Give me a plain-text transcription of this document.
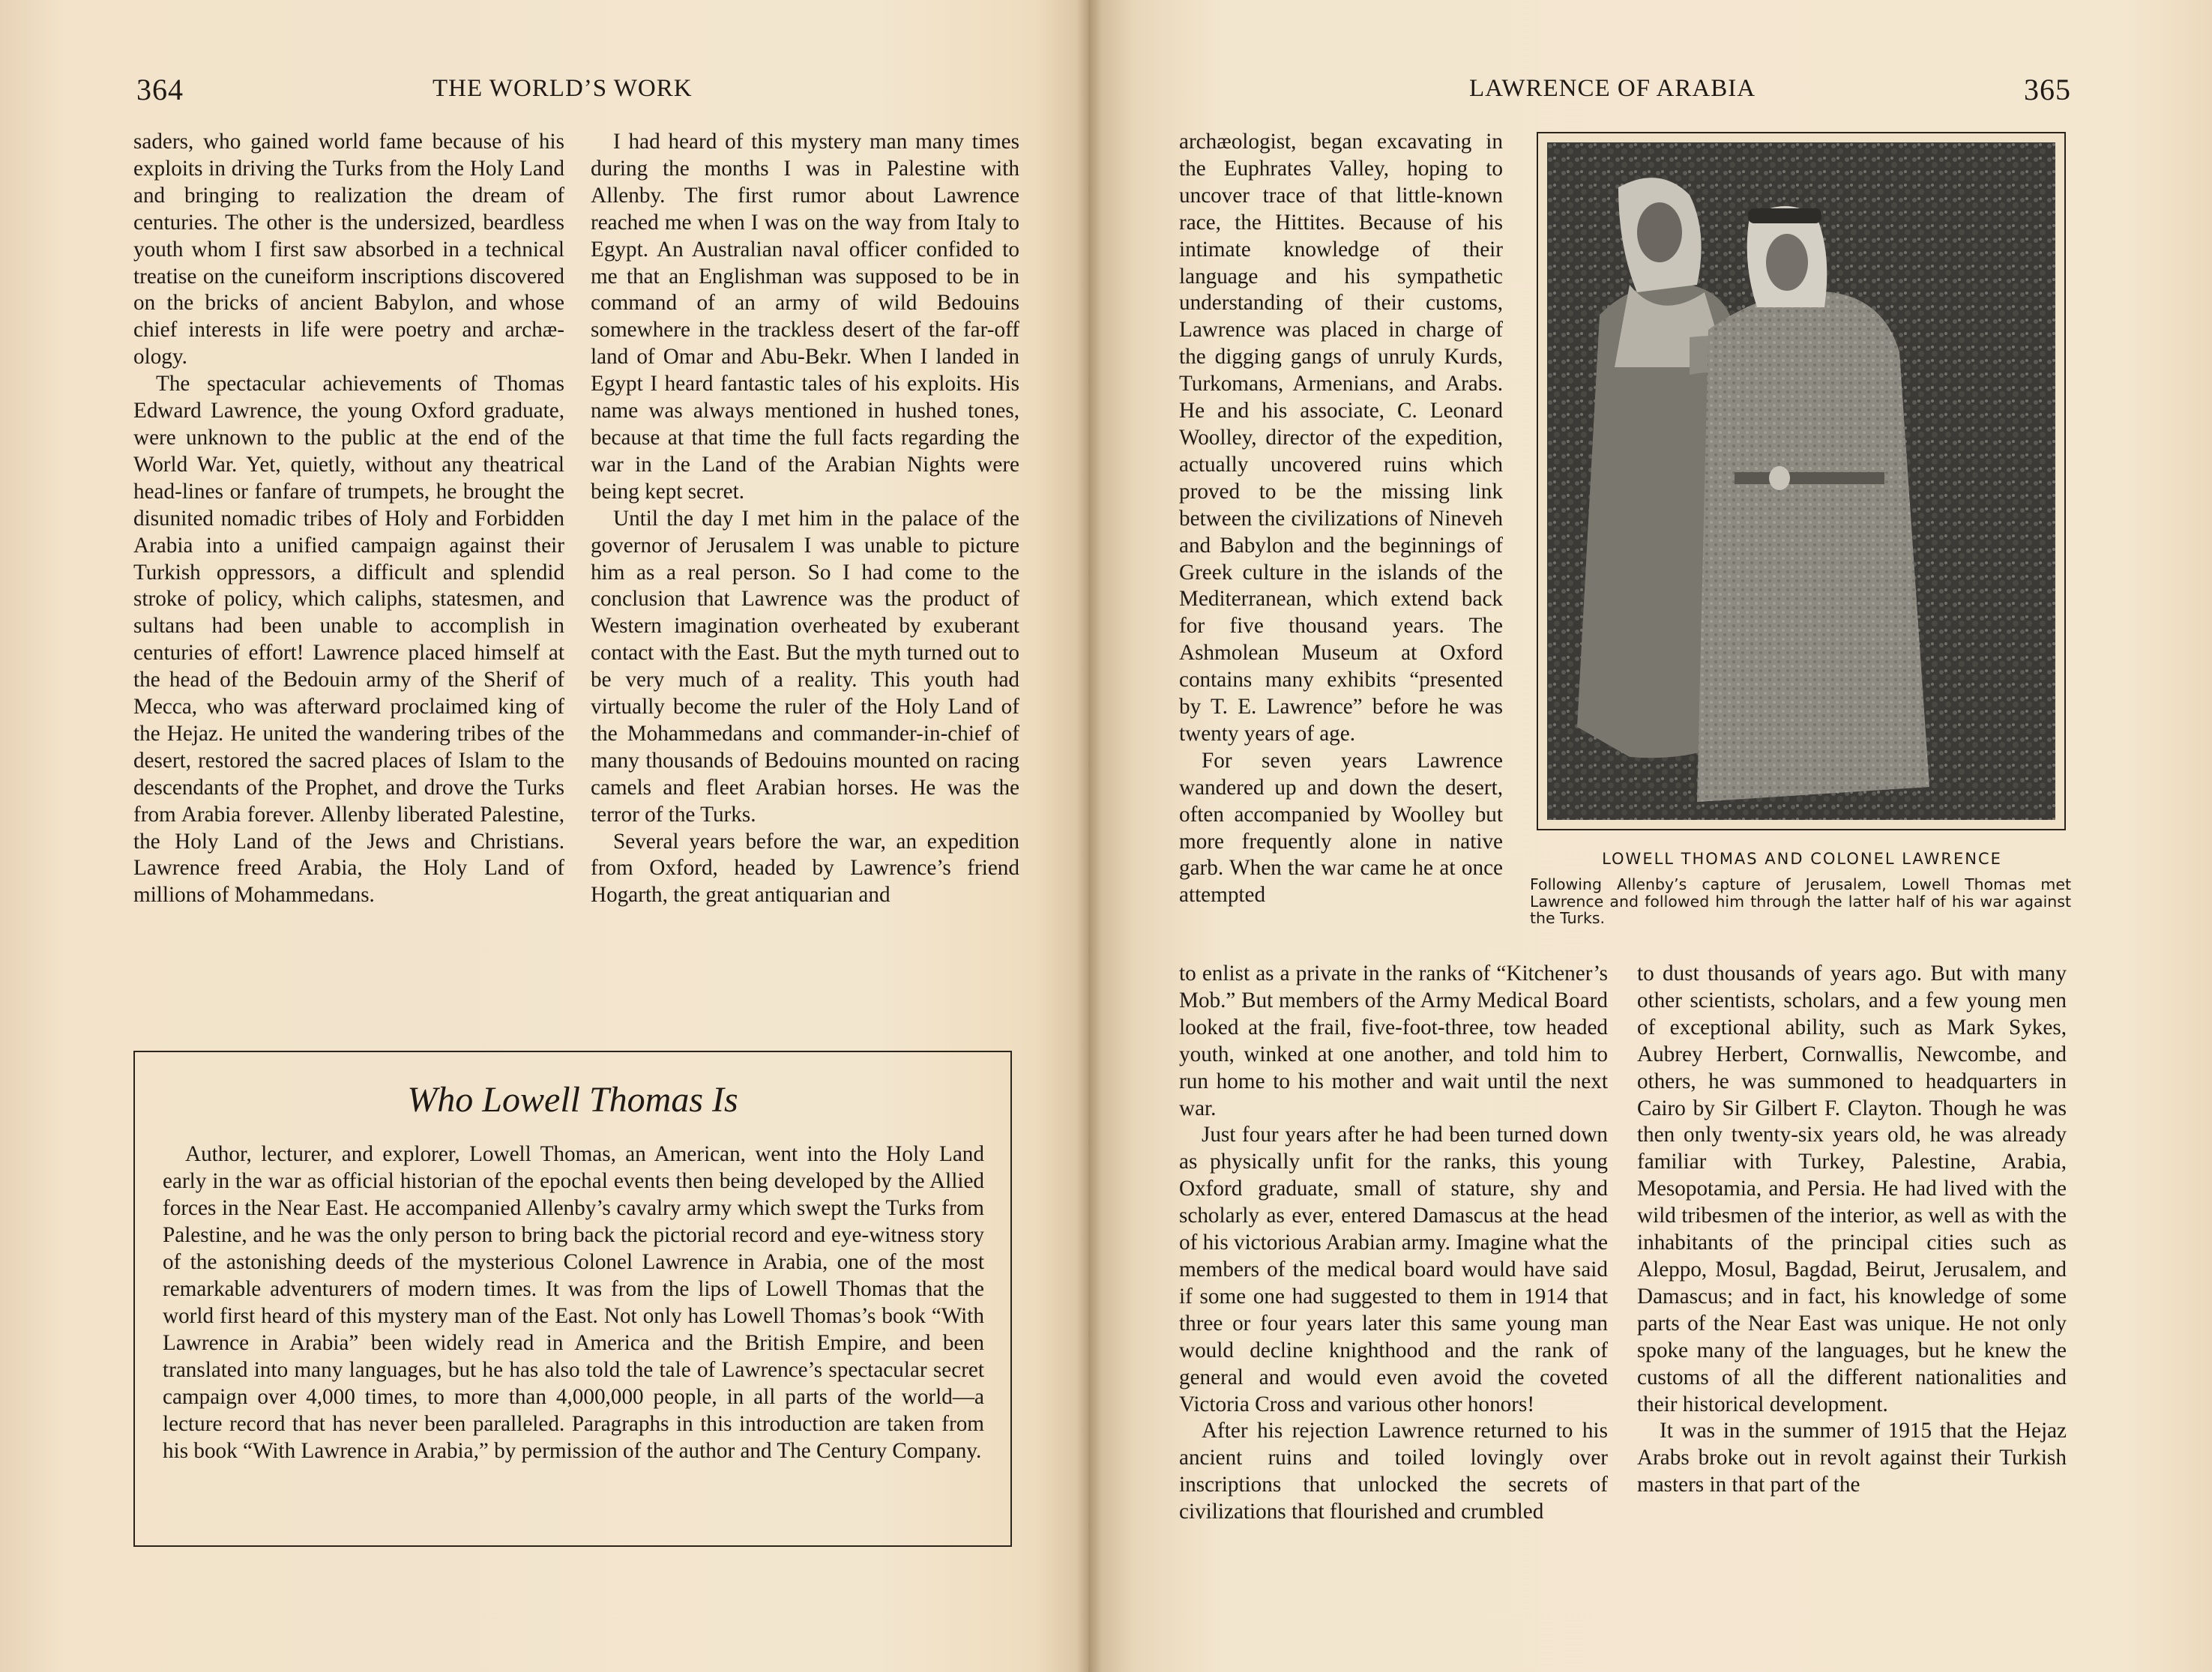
364	THE WORLD’S WORK	LAWRENCE OF ARABIA	365

saders, who gained world fame because of his exploits in driving the Turks from the Holy Land and bringing to realization the dream of centuries. The other is the undersized, beardless youth whom I first saw absorbed in a technical treatise on the cuneiform inscriptions discovered on the bricks of ancient Babylon, and whose chief interests in life were poetry and archæ-ology.

The spectacular achievements of Thomas Edward Lawrence, the young Oxford graduate, were unknown to the public at the end of the World War. Yet, quietly, without any theatrical head-lines or fanfare of trumpets, he brought the disunited nomadic tribes of Holy and Forbidden Arabia into a unified campaign against their Turkish oppressors, a difficult and splendid stroke of policy, which caliphs, statesmen, and sultans had been unable to accomplish in centuries of effort! Lawrence placed himself at the head of the Bedouin army of the Sherif of Mecca, who was afterward proclaimed king of the Hejaz. He united the wandering tribes of the desert, restored the sacred places of Islam to the descendants of the Prophet, and drove the Turks from Arabia forever. Allenby liberated Palestine, the Holy Land of the Jews and Christians. Lawrence freed Arabia, the Holy Land of millions of Mohammedans.

I had heard of this mystery man many times during the months I was in Palestine with Allenby. The first rumor about Lawrence reached me when I was on the way from Italy to Egypt. An Australian naval officer confided to me that an Englishman was supposed to be in command of an army of wild Bedouins somewhere in the trackless desert of the far-off land of Omar and Abu-Bekr. When I landed in Egypt I heard fantastic tales of his exploits. His name was always mentioned in hushed tones, because at that time the full facts regarding the war in the Land of the Arabian Nights were being kept secret.

Until the day I met him in the palace of the governor of Jerusalem I was unable to picture him as a real person. So I had come to the conclusion that Lawrence was the product of Western imagination overheated by exuberant contact with the East. But the myth turned out to be very much of a reality. This youth had virtually become the ruler of the Holy Land of the Mohammedans and commander-in-chief of many thousands of Bedouins mounted on racing camels and fleet Arabian horses. He was the terror of the Turks.

Several years before the war, an expedition from Oxford, headed by Lawrence’s friend Hogarth, the great antiquarian and

Who Lowell Thomas Is
Author, lecturer, and explorer, Lowell Thomas, an American, went into the Holy Land early in the war as official historian of the epochal events then being developed by the Allied forces in the Near East. He accompanied Allenby’s cavalry army which swept the Turks from Palestine, and he was the only person to bring back the pictorial record and eye-witness story of the astonishing deeds of the mysterious Colonel Lawrence in Arabia, one of the most remarkable adventurers of modern times. It was from the lips of Lowell Thomas that the world first heard of this mystery man of the East. Not only has Lowell Thomas’s book “With Lawrence in Arabia” been widely read in America and the British Empire, and been translated into many languages, but he has also told the tale of Lawrence’s spectacular secret campaign over 4,000 times, to more than 4,000,000 people, in all parts of the world—a lecture record that has never been paralleled. Paragraphs in this introduction are taken from his book “With Lawrence in Arabia,” by permission of the author and The Century Company.

archæologist, began excavating in the Euphrates Valley, hoping to uncover trace of that little-known race, the Hittites. Because of his intimate knowledge of their language and his sympathetic understanding of their customs, Lawrence was placed in charge of the digging gangs of unruly Kurds, Turkomans, Armenians, and Arabs. He and his associate, C. Leonard Woolley, director of the expedition, actually uncovered ruins which proved to be the missing link between the civilizations of Nineveh and Babylon and the beginnings of Greek culture in the islands of the Mediterranean, which extend back for five thousand years. The Ashmolean Museum at Oxford contains many exhibits “presented by T. E. Lawrence” before he was twenty years of age.

For seven years Lawrence wandered up and down the desert, often accompanied by Woolley but more frequently alone in native garb. When the war came he at once attempted

LOWELL THOMAS AND COLONEL LAWRENCE
Following Allenby’s capture of Jerusalem, Lowell Thomas met Lawrence and followed him through the latter half of his war against the Turks.

to enlist as a private in the ranks of “Kitchener’s Mob.” But members of the Army Medical Board looked at the frail, five-foot-three, tow headed youth, winked at one another, and told him to run home to his mother and wait until the next war.

Just four years after he had been turned down as physically unfit for the ranks, this young Oxford graduate, small of stature, shy and scholarly as ever, entered Damascus at the head of his victorious Arabian army. Imagine what the members of the medical board would have said if some one had suggested to them in 1914 that three or four years later this same young man would decline knighthood and the rank of general and would even avoid the coveted Victoria Cross and various other honors!

After his rejection Lawrence returned to his ancient ruins and toiled lovingly over inscriptions that unlocked the secrets of civilizations that flourished and crumbled

to dust thousands of years ago. But with many other scientists, scholars, and a few young men of exceptional ability, such as Mark Sykes, Aubrey Herbert, Cornwallis, Newcombe, and others, he was summoned to headquarters in Cairo by Sir Gilbert F. Clayton. Though he was then only twenty-six years old, he was already familiar with Turkey, Palestine, Arabia, Mesopotamia, and Persia. He had lived with the wild tribesmen of the interior, as well as with the inhabitants of the principal cities such as Aleppo, Mosul, Bagdad, Beirut, Jerusalem, and Damascus; and in fact, his knowledge of some parts of the Near East was unique. He not only spoke many of the languages, but he knew the customs of all the different nationalities and their historical development.

It was in the summer of 1915 that the Hejaz Arabs broke out in revolt against their Turkish masters in that part of the
